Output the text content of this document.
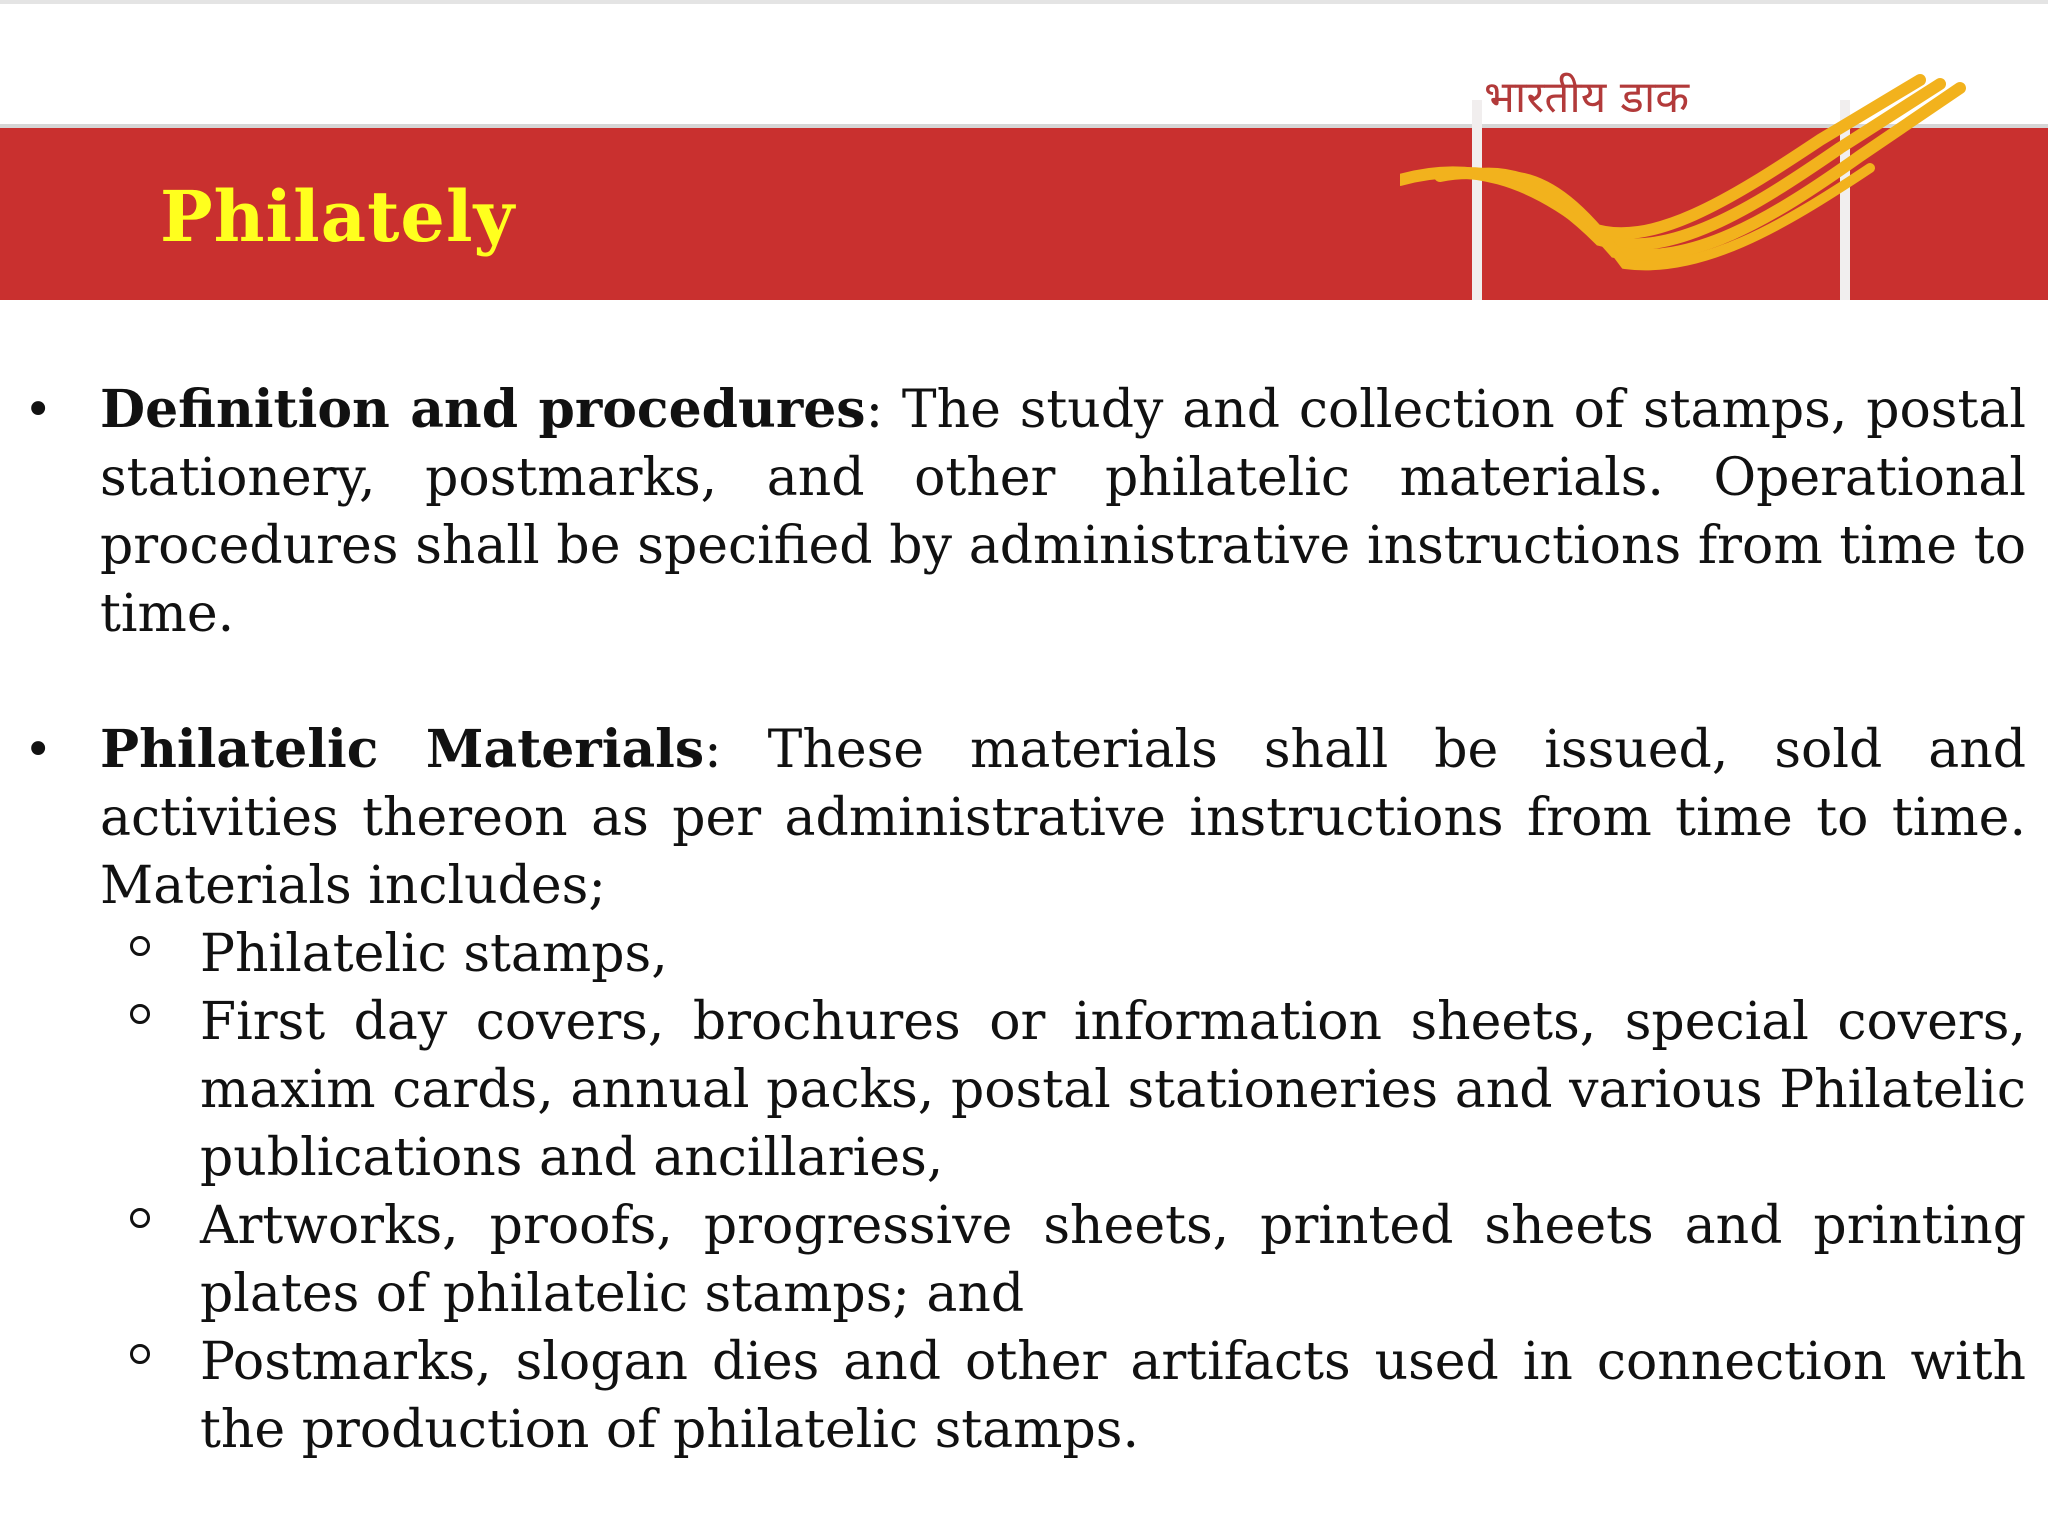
Philately
भारतीय डाक
• Definition and procedures: The study and collection of stamps, postal stationery, postmarks, and other philatelic materials. Operational procedures shall be specified by administrative instructions from time to time.

• Philatelic Materials: These materials shall be issued, sold and activities thereon as per administrative instructions from time to time. Materials includes;

Philatelic stamps,

First day covers, brochures or information sheets, special covers, maxim cards, annual packs, postal stationeries and various Philatelic publications and ancillaries,

Artworks, proofs, progressive sheets, printed sheets and printing plates of philatelic stamps; and

Postmarks, slogan dies and other artifacts used in connection with the production of philatelic stamps.
